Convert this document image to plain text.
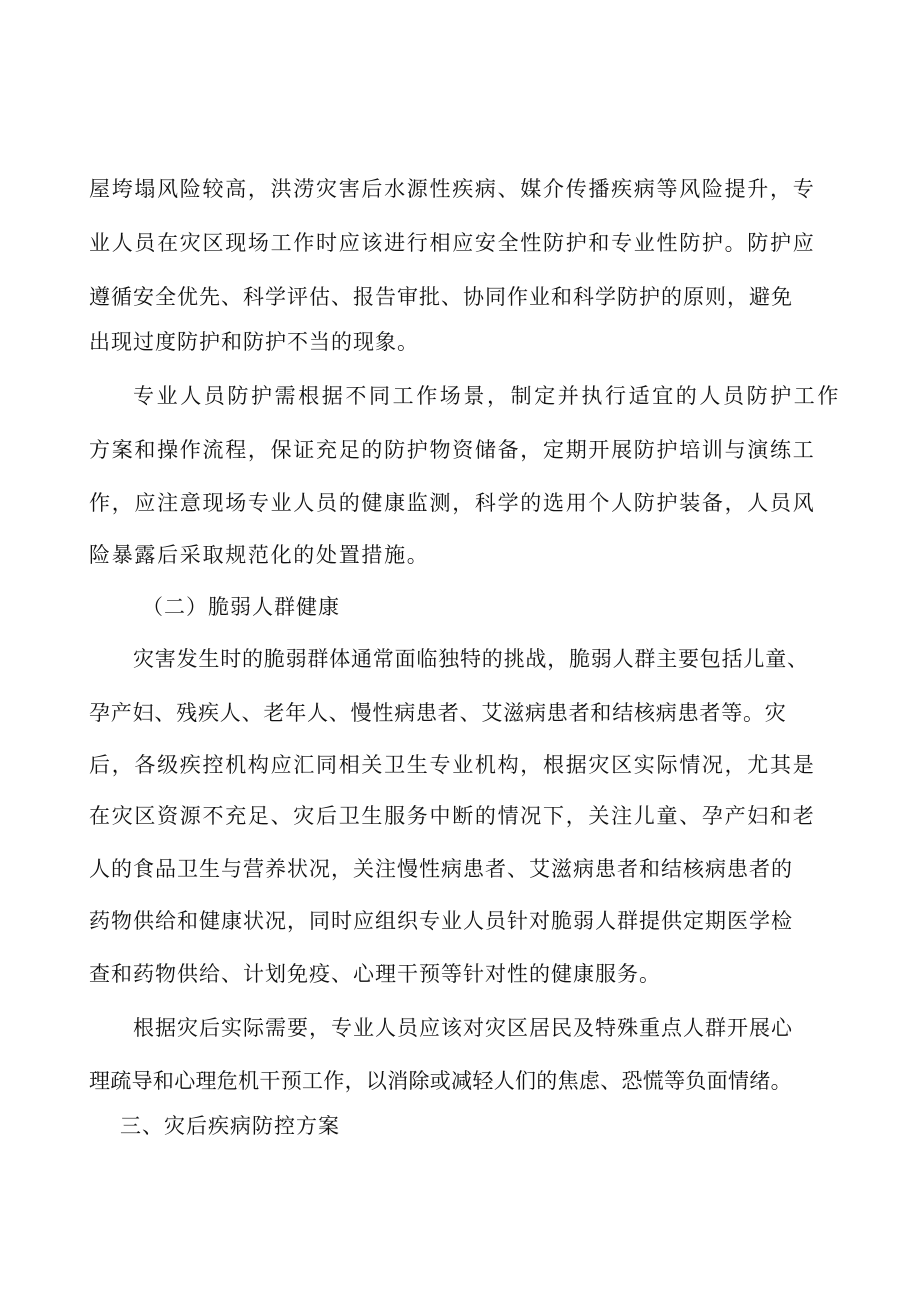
屋垮塌风险较高，洪涝灾害后水源性疾病、媒介传播疾病等风险提升，专
业人员在灾区现场工作时应该进行相应安全性防护和专业性防护。防护应
遵循安全优先、科学评估、报告审批、协同作业和科学防护的原则，避免
出现过度防护和防护不当的现象。
专业人员防护需根据不同工作场景，制定并执行适宜的人员防护工作
方案和操作流程，保证充足的防护物资储备，定期开展防护培训与演练工
作，应注意现场专业人员的健康监测，科学的选用个人防护装备，人员风
险暴露后采取规范化的处置措施。
（二）脆弱人群健康
灾害发生时的脆弱群体通常面临独特的挑战，脆弱人群主要包括儿童、
孕产妇、残疾人、老年人、慢性病患者、艾滋病患者和结核病患者等。灾
后，各级疾控机构应汇同相关卫生专业机构，根据灾区实际情况，尤其是
在灾区资源不充足、灾后卫生服务中断的情况下，关注儿童、孕产妇和老
人的食品卫生与营养状况，关注慢性病患者、艾滋病患者和结核病患者的
药物供给和健康状况，同时应组织专业人员针对脆弱人群提供定期医学检
查和药物供给、计划免疫、心理干预等针对性的健康服务。
根据灾后实际需要，专业人员应该对灾区居民及特殊重点人群开展心
理疏导和心理危机干预工作，以消除或减轻人们的焦虑、恐慌等负面情绪。
三、灾后疾病防控方案
